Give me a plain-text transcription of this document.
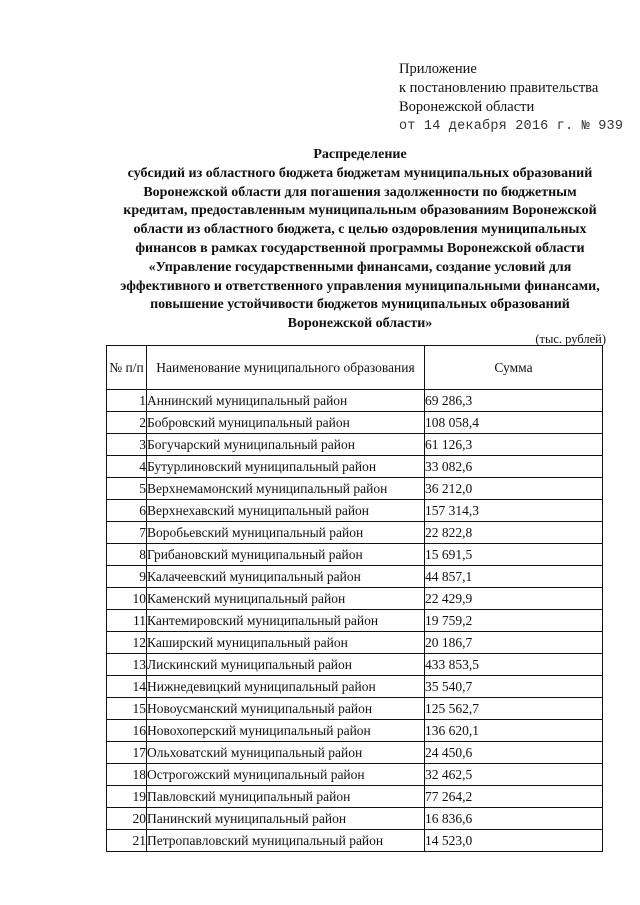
Приложение
к постановлению правительства
Воронежской области
от 14 декабря 2016 г. № 939
Распределение
субсидий из областного бюджета бюджетам муниципальных образований Воронежской области для погашения задолженности по бюджетным кредитам, предоставленным муниципальным образованиям Воронежской области из областного бюджета, с целью оздоровления муниципальных финансов в рамках государственной программы Воронежской области «Управление государственными финансами, создание условий для эффективного и ответственного управления муниципальными финансами, повышение устойчивости бюджетов муниципальных образований Воронежской области»
(тыс. рублей)
№ п/п	Наименование муниципального образования	Сумма
1	Аннинский муниципальный район	69 286,3
2	Бобровский муниципальный район	108 058,4
3	Богучарский муниципальный район	61 126,3
4	Бутурлиновский муниципальный район	33 082,6
5	Верхнемамонский муниципальный район	36 212,0
6	Верхнехавский муниципальный район	157 314,3
7	Воробьевский муниципальный район	22 822,8
8	Грибановский муниципальный район	15 691,5
9	Калачеевский муниципальный район	44 857,1
10	Каменский муниципальный район	22 429,9
11	Кантемировский муниципальный район	19 759,2
12	Каширский муниципальный район	20 186,7
13	Лискинский муниципальный район	433 853,5
14	Нижнедевицкий муниципальный район	35 540,7
15	Новоусманский муниципальный район	125 562,7
16	Новохоперский муниципальный район	136 620,1
17	Ольховатский муниципальный район	24 450,6
18	Острогожский муниципальный район	32 462,5
19	Павловский муниципальный район	77 264,2
20	Панинский муниципальный район	16 836,6
21	Петропавловский муниципальный район	14 523,0
